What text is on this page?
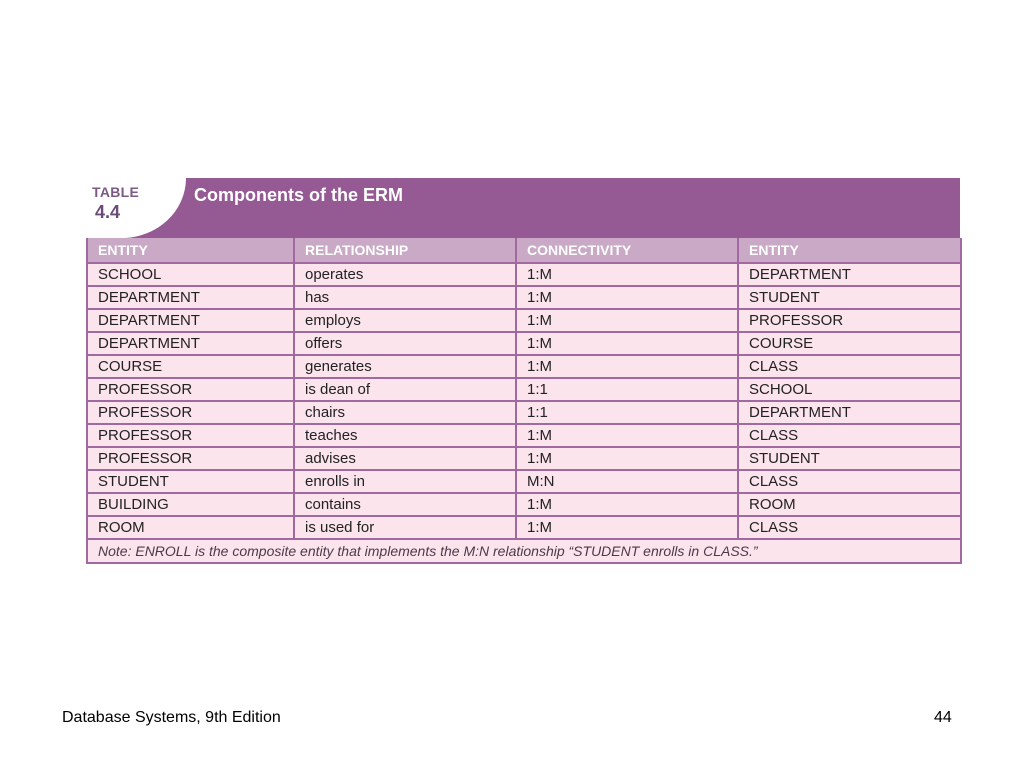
TABLE
4.4
Components of the ERM
ENTITY	RELATIONSHIP	CONNECTIVITY	ENTITY
SCHOOL	operates	1:M	DEPARTMENT
DEPARTMENT	has	1:M	STUDENT
DEPARTMENT	employs	1:M	PROFESSOR
DEPARTMENT	offers	1:M	COURSE
COURSE	generates	1:M	CLASS
PROFESSOR	is dean of	1:1	SCHOOL
PROFESSOR	chairs	1:1	DEPARTMENT
PROFESSOR	teaches	1:M	CLASS
PROFESSOR	advises	1:M	STUDENT
STUDENT	enrolls in	M:N	CLASS
BUILDING	contains	1:M	ROOM
ROOM	is used for	1:M	CLASS
Note: ENROLL is the composite entity that implements the M:N relationship “STUDENT enrolls in CLASS.”			
Database Systems, 9th Edition	44
